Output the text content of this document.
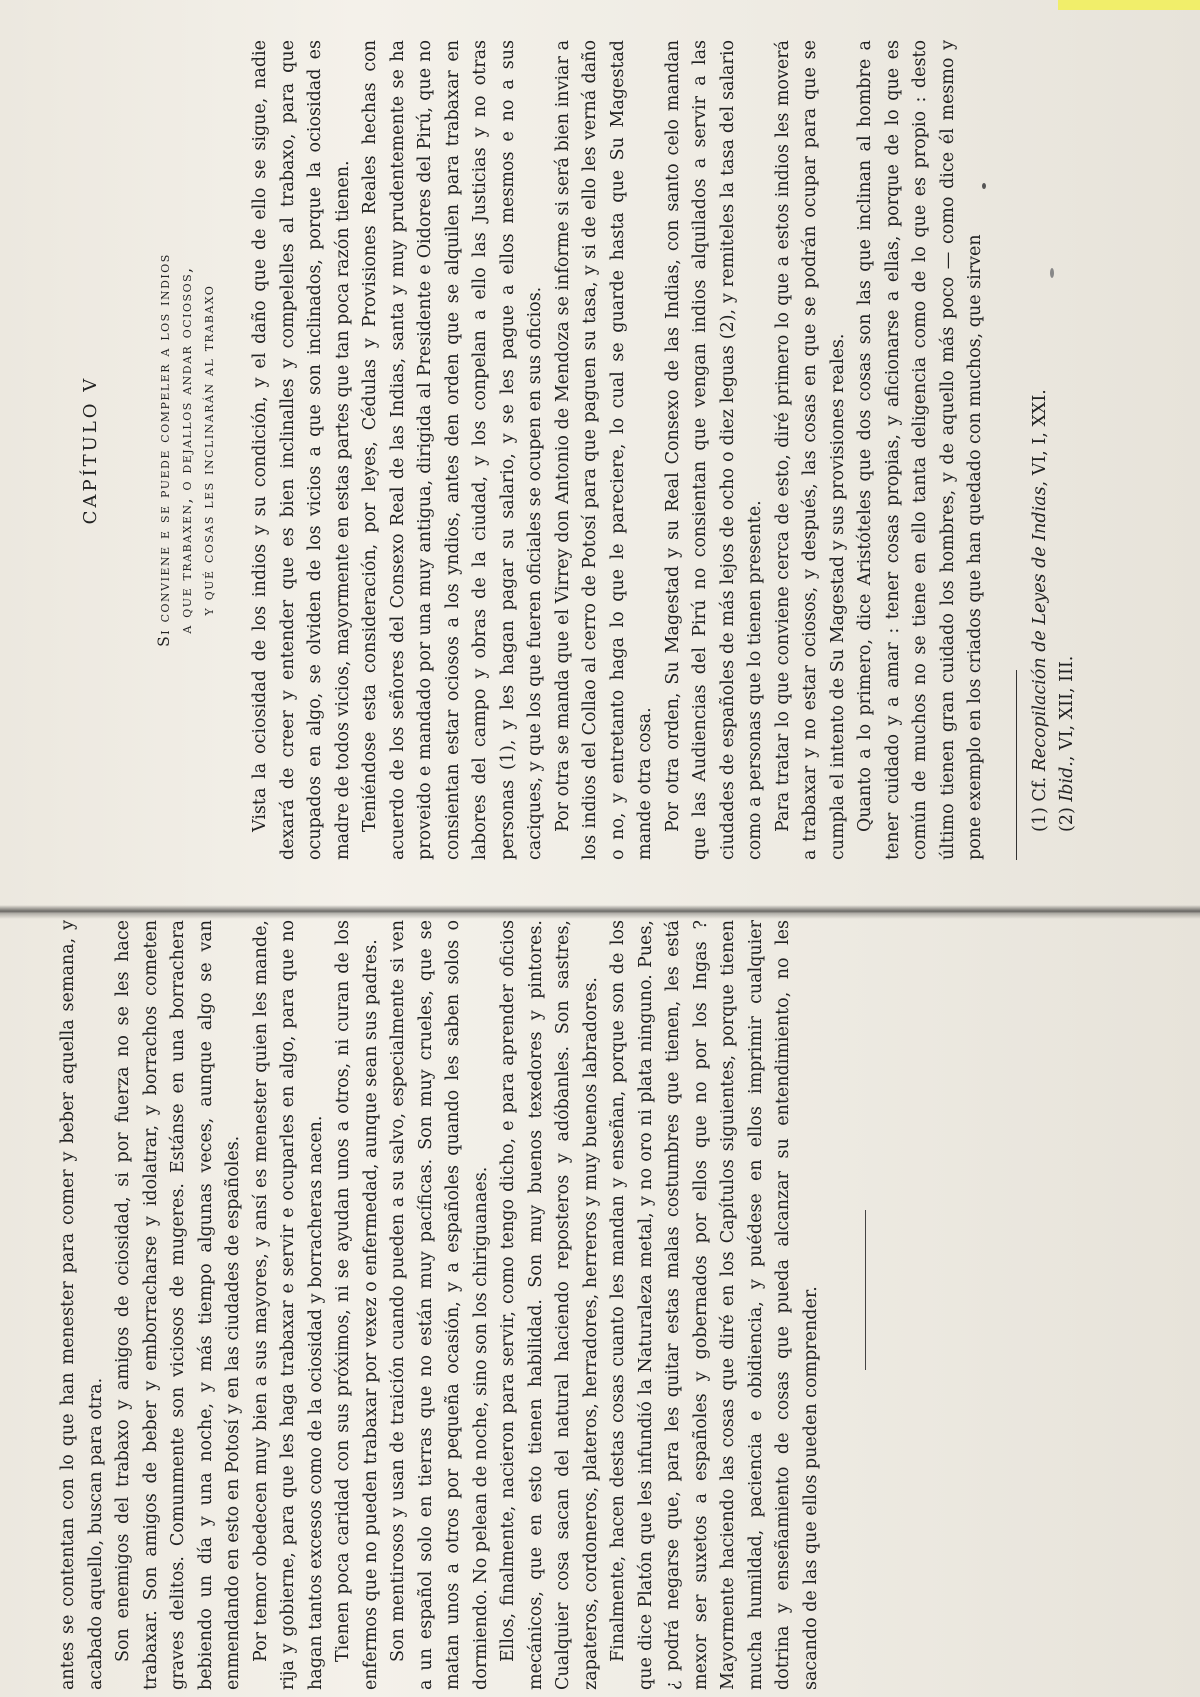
CAPÍTULO V	Si conviene e se puede compeler a los indios a que trabaxen, o dejallos andar ociosos, y qué cosas les inclinarán al trabaxo Vista la ociosidad de los indios y su condición, y el daño que de ello se sigue, nadie dexará de creer y entender que es bien inclinalles y compelelles al trabaxo, para que ocupados en algo, se olviden de los vicios a que son inclinados, porque la ociosidad es madre de todos vicios, mayormente en estas partes que tan poca razón tienen. Teniéndose esta consideración, por leyes, Cédulas y Provisiones Reales hechas con acuerdo de los señores del Consexo Real de las Indias, santa y muy prudentemente se ha proveido e mandado por una muy antigua, dirigida al Presidente e Oidores del Pirú, que no consientan estar ociosos a los yndios, antes den orden que se alquilen para trabaxar en labores del campo y obras de la ciudad, y los conpelan a ello las Justicias y no otras personas (1), y les hagan pagar su salario, y se les pague a ellos mesmos e no a sus caciques, y que los que fueren oficiales se ocupen en sus oficios. Por otra se manda que el Virrey don Antonio de Mendoza se informe si será bien inviar a los indios del Collao al cerro de Potosí para que paguen su tasa, y si de ello les verná daño o no, y entretanto haga lo que le pareciere, lo cual se guarde hasta que Su Magestad mande otra cosa. Por otra orden, Su Magestad y su Real Consexo de las Indias, con santo celo mandan que las Audiencias del Pirú no consientan que vengan indios alquilados a servir a las ciudades de españoles de más lejos de ocho o diez leguas (2), y remiteles la tasa del salario como a personas que lo tienen presente. Para tratar lo que conviene cerca de esto, diré primero lo que a estos indios les moverá a trabaxar y no estar ociosos, y después, las cosas en que se podrán ocupar para que se cumpla el intento de Su Magestad y sus provisiones reales. Quanto a lo primero, dice Aristóteles que dos cosas son las que inclinan al hombre a tener cuidado y a amar : tener cosas propias, y aficionarse a ellas, porque de lo que es común de muchos no se tiene en ello tanta deligencia como de lo que es propio : desto último tienen gran cuidado los hombres, y de aquello más poco — como dice él mesmo y pone exemplo en los criados que han quedado con muchos, que sirven	(1) Cf. Recopilación de Leyes de Indias, VI, I, XXI.

(2) Ibid., VI, XII, III.

antes se contentan con lo que han menester para comer y beber aquella semana, y acabado aquello, buscan para otra. Son enemigos del trabaxo y amigos de ociosidad, si por fuerza no se les hace trabaxar. Son amigos de beber y emborracharse y idolatrar, y borrachos cometen graves delitos. Comunmente son viciosos de mugeres. Estánse en una borrachera bebiendo un día y una noche, y más tiempo algunas veces, aunque algo se van enmendando en esto en Potosí y en las ciudades de españoles. Por temor obedecen muy bien a sus mayores, y ansí es menester quien les mande, rija y gobierne, para que les haga trabaxar e servir e ocuparles en algo, para que no hagan tantos excesos como de la ociosidad y borracheras nacen. Tienen poca caridad con sus próximos, ni se ayudan unos a otros, ni curan de los enfermos que no pueden trabaxar por vexez o enfermedad, aunque sean sus padres. Son mentirosos y usan de traición cuando pueden a su salvo, especialmente si ven a un español solo en tierras que no están muy pacíficas. Son muy crueles, que se matan unos a otros por pequeña ocasión, y a españoles quando les saben solos o dormiendo. No pelean de noche, sino son los chiriguanaes. Ellos, finalmente, nacieron para servir, como tengo dicho, e para aprender oficios mecánicos, que en esto tienen habilidad. Son muy buenos texedores y pintores. Cualquier cosa sacan del natural haciendo reposteros y adóbanles. Son sastres, zapateros, cordoneros, plateros, herradores, herreros y muy buenos labradores. Finalmente, hacen destas cosas cuanto les mandan y enseñan, porque son de los que dice Platón que les infundió la Naturaleza metal, y no oro ni plata ninguno. Pues, ¿ podrá negarse que, para les quitar estas malas costumbres que tienen, les está mexor ser suxetos a españoles y gobernados por ellos que no por los Ingas ? Mayormente haciendo las cosas que diré en los Capítulos siguientes, porque tienen mucha humildad, paciencia e obidiencia, y puédese en ellos imprimir cualquier dotrina y enseñamiento de cosas que pueda alcanzar su entendimiento, no les sacando de las que ellos pueden comprender.
